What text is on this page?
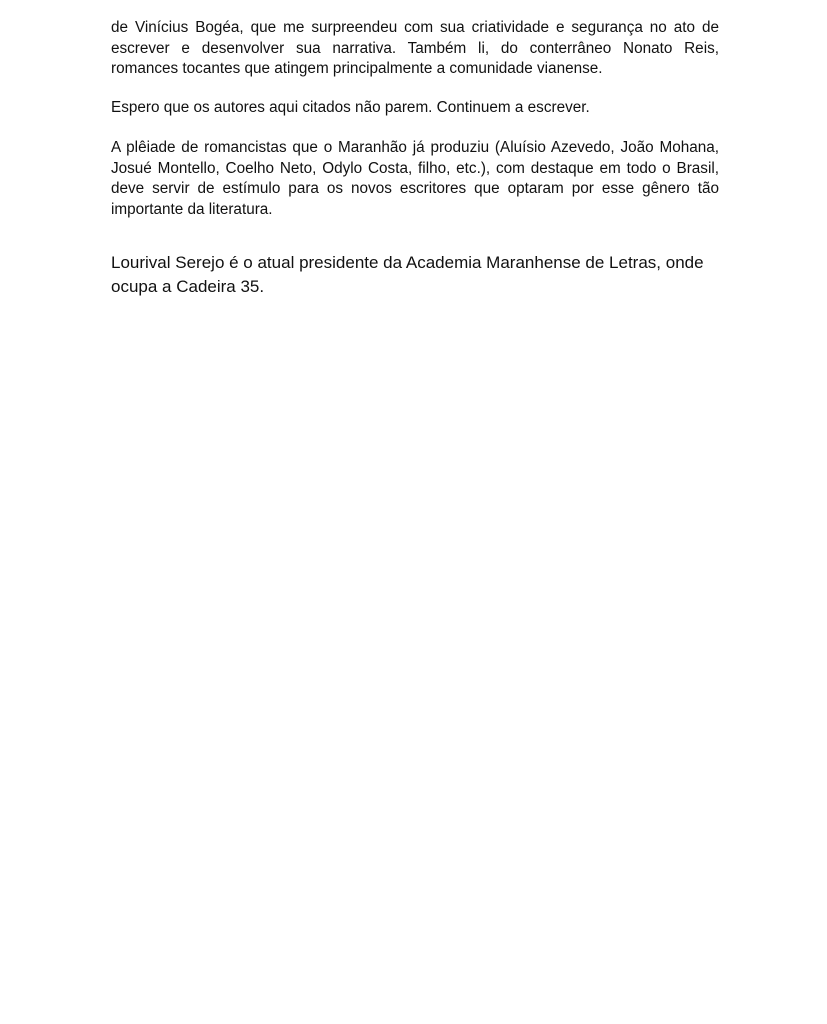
de Vinícius Bogéa, que me surpreendeu com sua criatividade e segurança no ato de
escrever e desenvolver sua narrativa. Também li, do conterrâneo Nonato Reis,
romances tocantes que atingem principalmente a comunidade vianense.

Espero que os autores aqui citados não parem. Continuem a escrever.

A plêiade de romancistas que o Maranhão já produziu (Aluísio Azevedo, João Mohana,
Josué Montello, Coelho Neto, Odylo Costa, filho, etc.), com destaque em todo o Brasil,
deve servir de estímulo para os novos escritores que optaram por esse gênero tão
importante da literatura.

Lourival Serejo é o atual presidente da Academia Maranhense de Letras, onde
ocupa a Cadeira 35.
